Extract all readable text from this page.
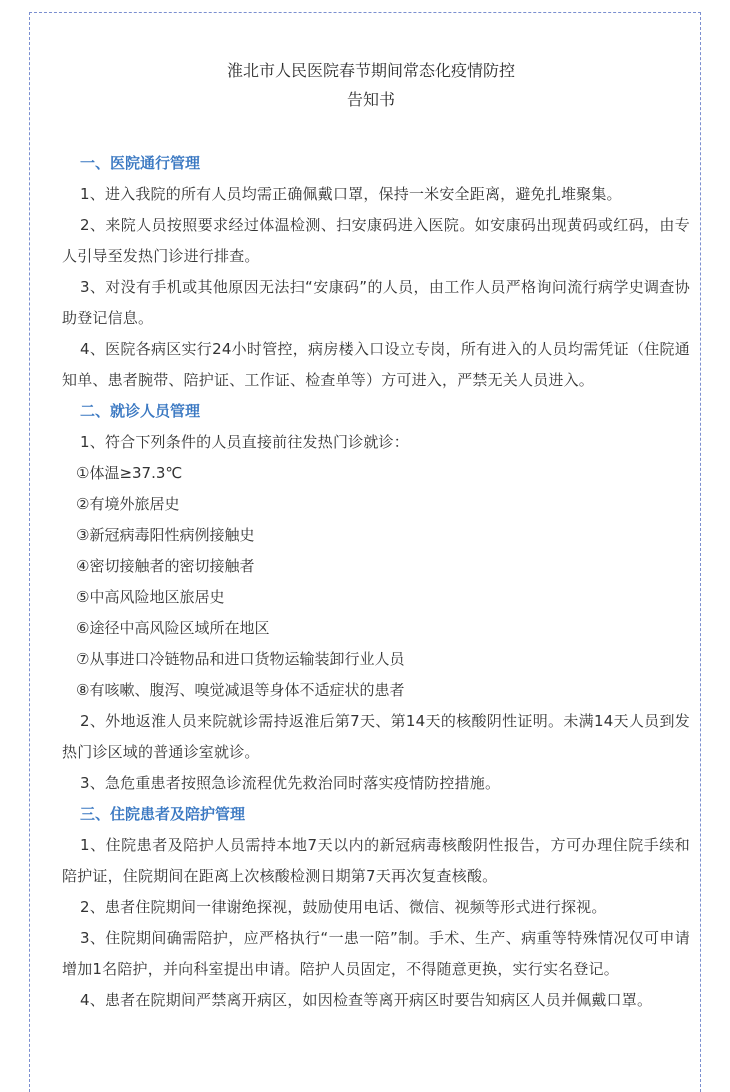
淮北市人民医院春节期间常态化疫情防控
告知书
一、医院通行管理
1、进入我院的所有人员均需正确佩戴口罩，保持一米安全距离，避免扎堆聚集。
2、来院人员按照要求经过体温检测、扫安康码进入医院。如安康码出现黄码或红码，由专人引导至发热门诊进行排查。
3、对没有手机或其他原因无法扫“安康码”的人员，由工作人员严格询问流行病学史调查协助登记信息。
4、医院各病区实行24小时管控，病房楼入口设立专岗，所有进入的人员均需凭证（住院通知单、患者腕带、陪护证、工作证、检查单等）方可进入，严禁无关人员进入。
二、就诊人员管理
1、符合下列条件的人员直接前往发热门诊就诊：
①体温≥37.3℃
②有境外旅居史
③新冠病毒阳性病例接触史
④密切接触者的密切接触者
⑤中高风险地区旅居史
⑥途径中高风险区域所在地区
⑦从事进口冷链物品和进口货物运输装卸行业人员
⑧有咳嗽、腹泻、嗅觉减退等身体不适症状的患者
2、外地返淮人员来院就诊需持返淮后第7天、第14天的核酸阴性证明。未满14天人员到发热门诊区域的普通诊室就诊。
3、急危重患者按照急诊流程优先救治同时落实疫情防控措施。
三、住院患者及陪护管理
1、住院患者及陪护人员需持本地7天以内的新冠病毒核酸阴性报告，方可办理住院手续和陪护证，住院期间在距离上次核酸检测日期第7天再次复查核酸。
2、患者住院期间一律谢绝探视，鼓励使用电话、微信、视频等形式进行探视。
3、住院期间确需陪护，应严格执行“一患一陪”制。手术、生产、病重等特殊情况仅可申请增加1名陪护，并向科室提出申请。陪护人员固定，不得随意更换，实行实名登记。
4、患者在院期间严禁离开病区，如因检查等离开病区时要告知病区人员并佩戴口罩。
